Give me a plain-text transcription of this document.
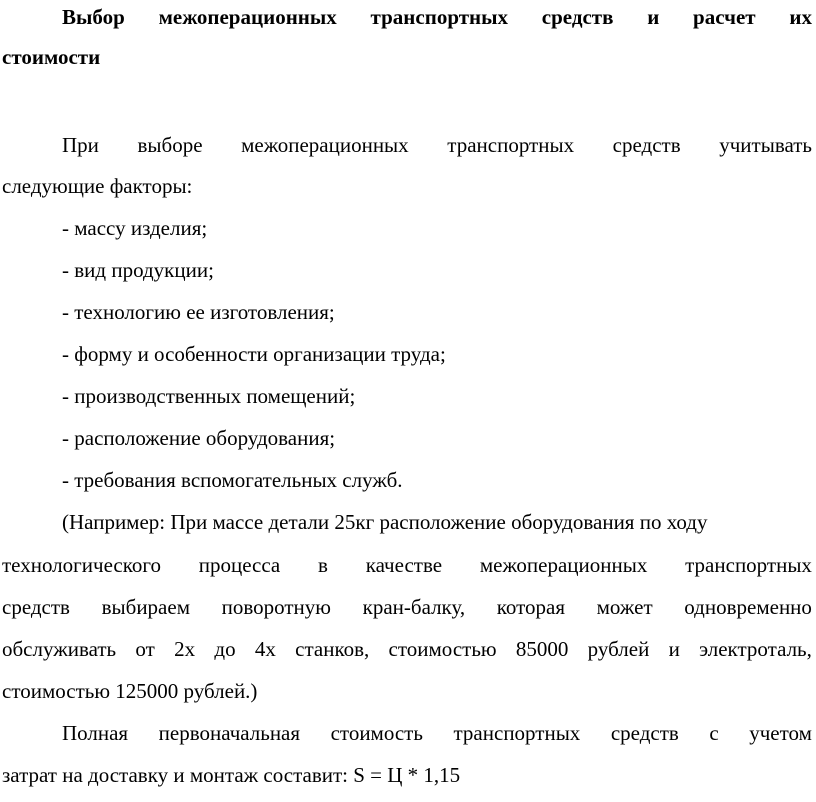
Выбор межоперационных транспортных средств и расчет их
стоимости
При выборе межоперационных транспортных средств учитывать
следующие факторы:
- массу изделия;
- вид продукции;
- технологию ее изготовления;
- форму и особенности организации труда;
- производственных помещений;
- расположение оборудования;
- требования вспомогательных служб.
(Например: При массе детали 25кг расположение оборудования по ходу
технологического процесса в качестве межоперационных транспортных
средств выбираем поворотную кран-балку, которая может одновременно
обслуживать от 2х до 4х станков, стоимостью 85000 рублей и электроталь,
стоимостью 125000 рублей.)
Полная первоначальная стоимость транспортных средств с учетом
затрат на доставку и монтаж составит: S = Ц * 1,15
